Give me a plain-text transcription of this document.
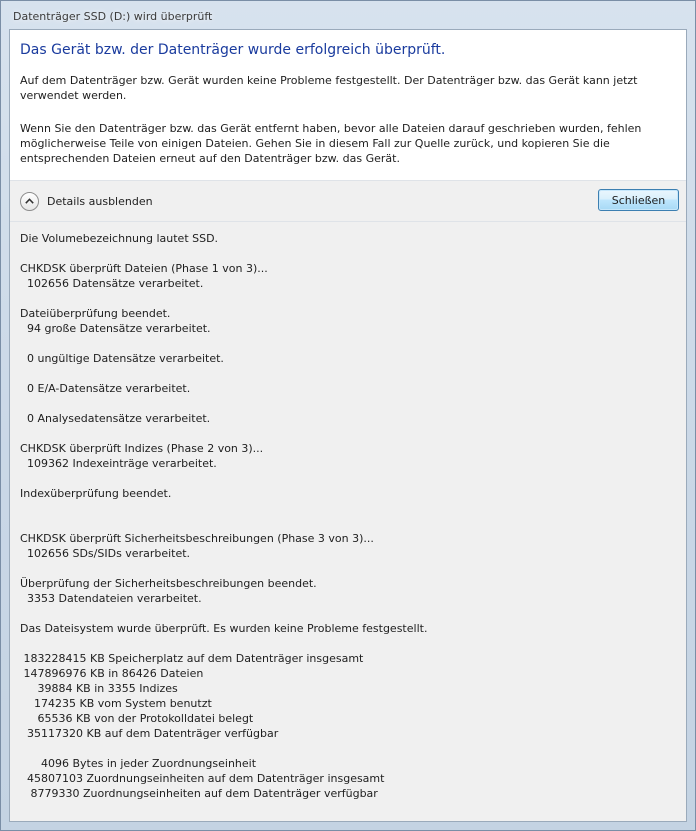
Datenträger SSD (D:) wird überprüft
Das Gerät bzw. der Datenträger wurde erfolgreich überprüft.
Auf dem Datenträger bzw. Gerät wurden keine Probleme festgestellt. Der Datenträger bzw. das Gerät kann jetzt verwendet werden.
Wenn Sie den Datenträger bzw. das Gerät entfernt haben, bevor alle Dateien darauf geschrieben wurden, fehlen möglicherweise Teile von einigen Dateien. Gehen Sie in diesem Fall zur Quelle zurück, und kopieren Sie die entsprechenden Dateien erneut auf den Datenträger bzw. das Gerät.
Details ausblenden	Schließen
Die Volumebezeichnung lautet SSD.

CHKDSK überprüft Dateien (Phase 1 von 3)...
102656 Datensätze verarbeitet.

Dateiüberprüfung beendet.
94 große Datensätze verarbeitet.

0 ungültige Datensätze verarbeitet.

0 E/A-Datensätze verarbeitet.

0 Analysedatensätze verarbeitet.

CHKDSK überprüft Indizes (Phase 2 von 3)...
109362 Indexeinträge verarbeitet.

Indexüberprüfung beendet.

CHKDSK überprüft Sicherheitsbeschreibungen (Phase 3 von 3)...
102656 SDs/SIDs verarbeitet.

Überprüfung der Sicherheitsbeschreibungen beendet.
3353 Datendateien verarbeitet.

Das Dateisystem wurde überprüft. Es wurden keine Probleme festgestellt.

183228415 KB Speicherplatz auf dem Datenträger insgesamt
147896976 KB in 86426 Dateien
39884 KB in 3355 Indizes
174235 KB vom System benutzt
65536 KB von der Protokolldatei belegt
35117320 KB auf dem Datenträger verfügbar

4096 Bytes in jeder Zuordnungseinheit
45807103 Zuordnungseinheiten auf dem Datenträger insgesamt
8779330 Zuordnungseinheiten auf dem Datenträger verfügbar
